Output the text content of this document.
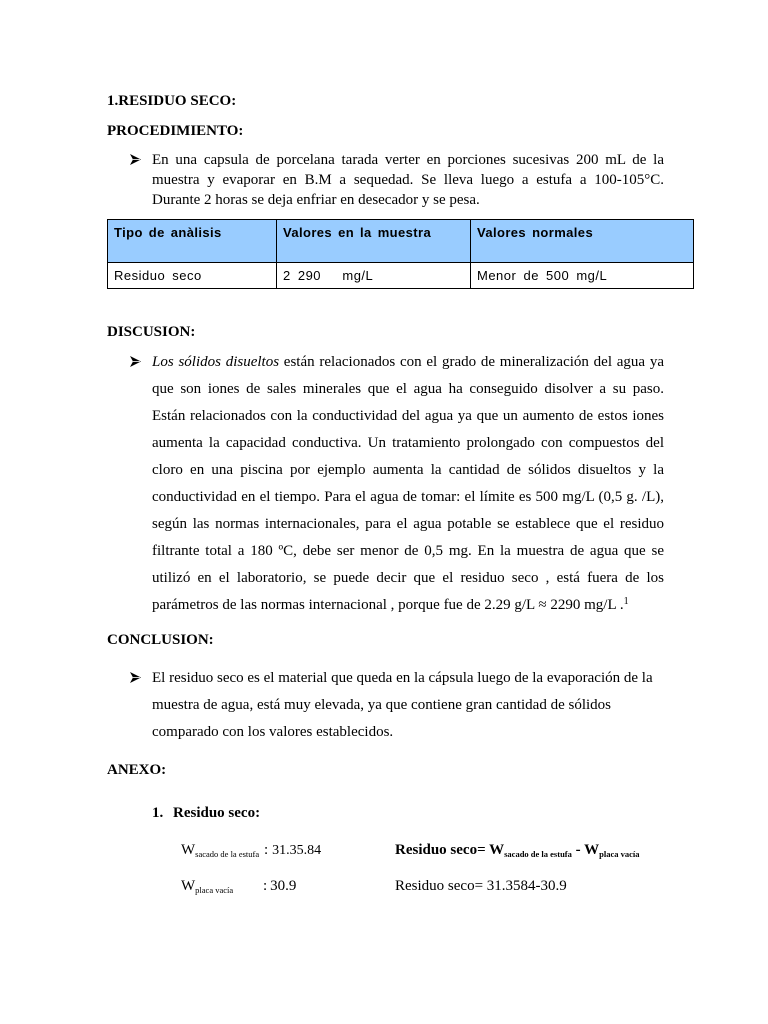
1.RESIDUO SECO:
PROCEDIMIENTO:
En una capsula de porcelana tarada verter en porciones sucesivas 200 mL de la
muestra y evaporar en B.M a sequedad. Se lleva luego a estufa a 100-105°C.
Durante 2 horas se deja enfriar en desecador y se pesa.
Tipo de anàlisis	Valores en la muestra	Valores normales
Residuo seco	2 290   mg/L	Menor de 500 mg/L
DISCUSION:
Los sólidos disueltos están relacionados con el grado de mineralización del agua ya
que son iones de sales minerales que el agua ha conseguido disolver a su paso.
Están relacionados con la conductividad del agua ya que un aumento de estos iones
aumenta la capacidad conductiva. Un tratamiento prolongado con compuestos del
cloro en una piscina por ejemplo aumenta la cantidad de sólidos disueltos y la
conductividad en el tiempo. Para el agua de tomar: el límite es 500 mg/L (0,5 g. /L),
según las normas internacionales, para el agua potable se establece que el residuo
filtrante total a 180 ºC, debe ser menor de 0,5 mg. En la muestra de agua que se
utilizó en el laboratorio, se puede decir que el residuo seco , está fuera de los
parámetros de las normas internacional , porque fue de 2.29 g/L ≈ 2290 mg/L .$^1$
CONCLUSION:
El residuo seco es el material que queda en la cápsula luego de la evaporación de la
muestra de agua, está muy elevada, ya que contiene gran cantidad de sólidos
comparado con los valores establecidos.
ANEXO:
1. Residuo seco:
$W_{sacado de la estufa}$ : 31.35.84	Residuo $\sec o= W_{sacado de la estufa} - W_{placa vacía}$
$W_{placa vacía}$ : 30.9	Residuo seco= 31.3584-30.9
